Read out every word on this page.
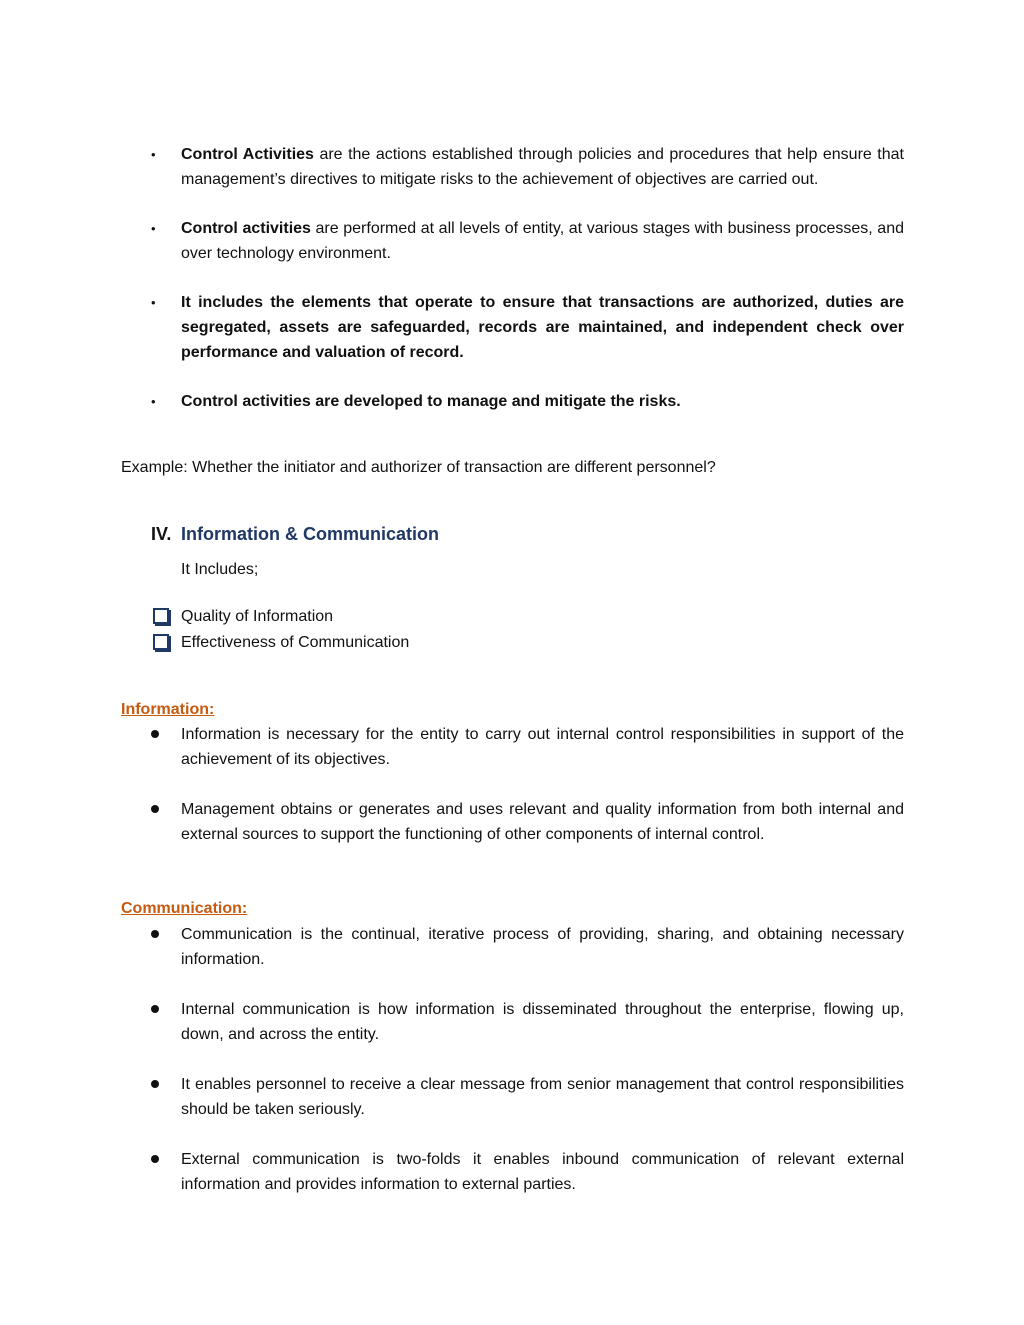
• Control Activities are the actions established through policies and procedures that help ensure that management’s directives to mitigate risks to the achievement of objectives are carried out.
• Control activities are performed at all levels of entity, at various stages with business processes, and over technology environment.
• It includes the elements that operate to ensure that transactions are authorized, duties are segregated, assets are safeguarded, records are maintained, and independent check over performance and valuation of record.
• Control activities are developed to manage and mitigate the risks.
Example: Whether the initiator and authorizer of transaction are different personnel?
IV. Information & Communication
It Includes;
Quality of Information
Effectiveness of Communication
Information:
Information is necessary for the entity to carry out internal control responsibilities in support of the achievement of its objectives.
Management obtains or generates and uses relevant and quality information from both internal and external sources to support the functioning of other components of internal control.
Communication:
Communication is the continual, iterative process of providing, sharing, and obtaining necessary information.
Internal communication is how information is disseminated throughout the enterprise, flowing up, down, and across the entity.
It enables personnel to receive a clear message from senior management that control responsibilities should be taken seriously.
External communication is two-folds it enables inbound communication of relevant external information and provides information to external parties.
